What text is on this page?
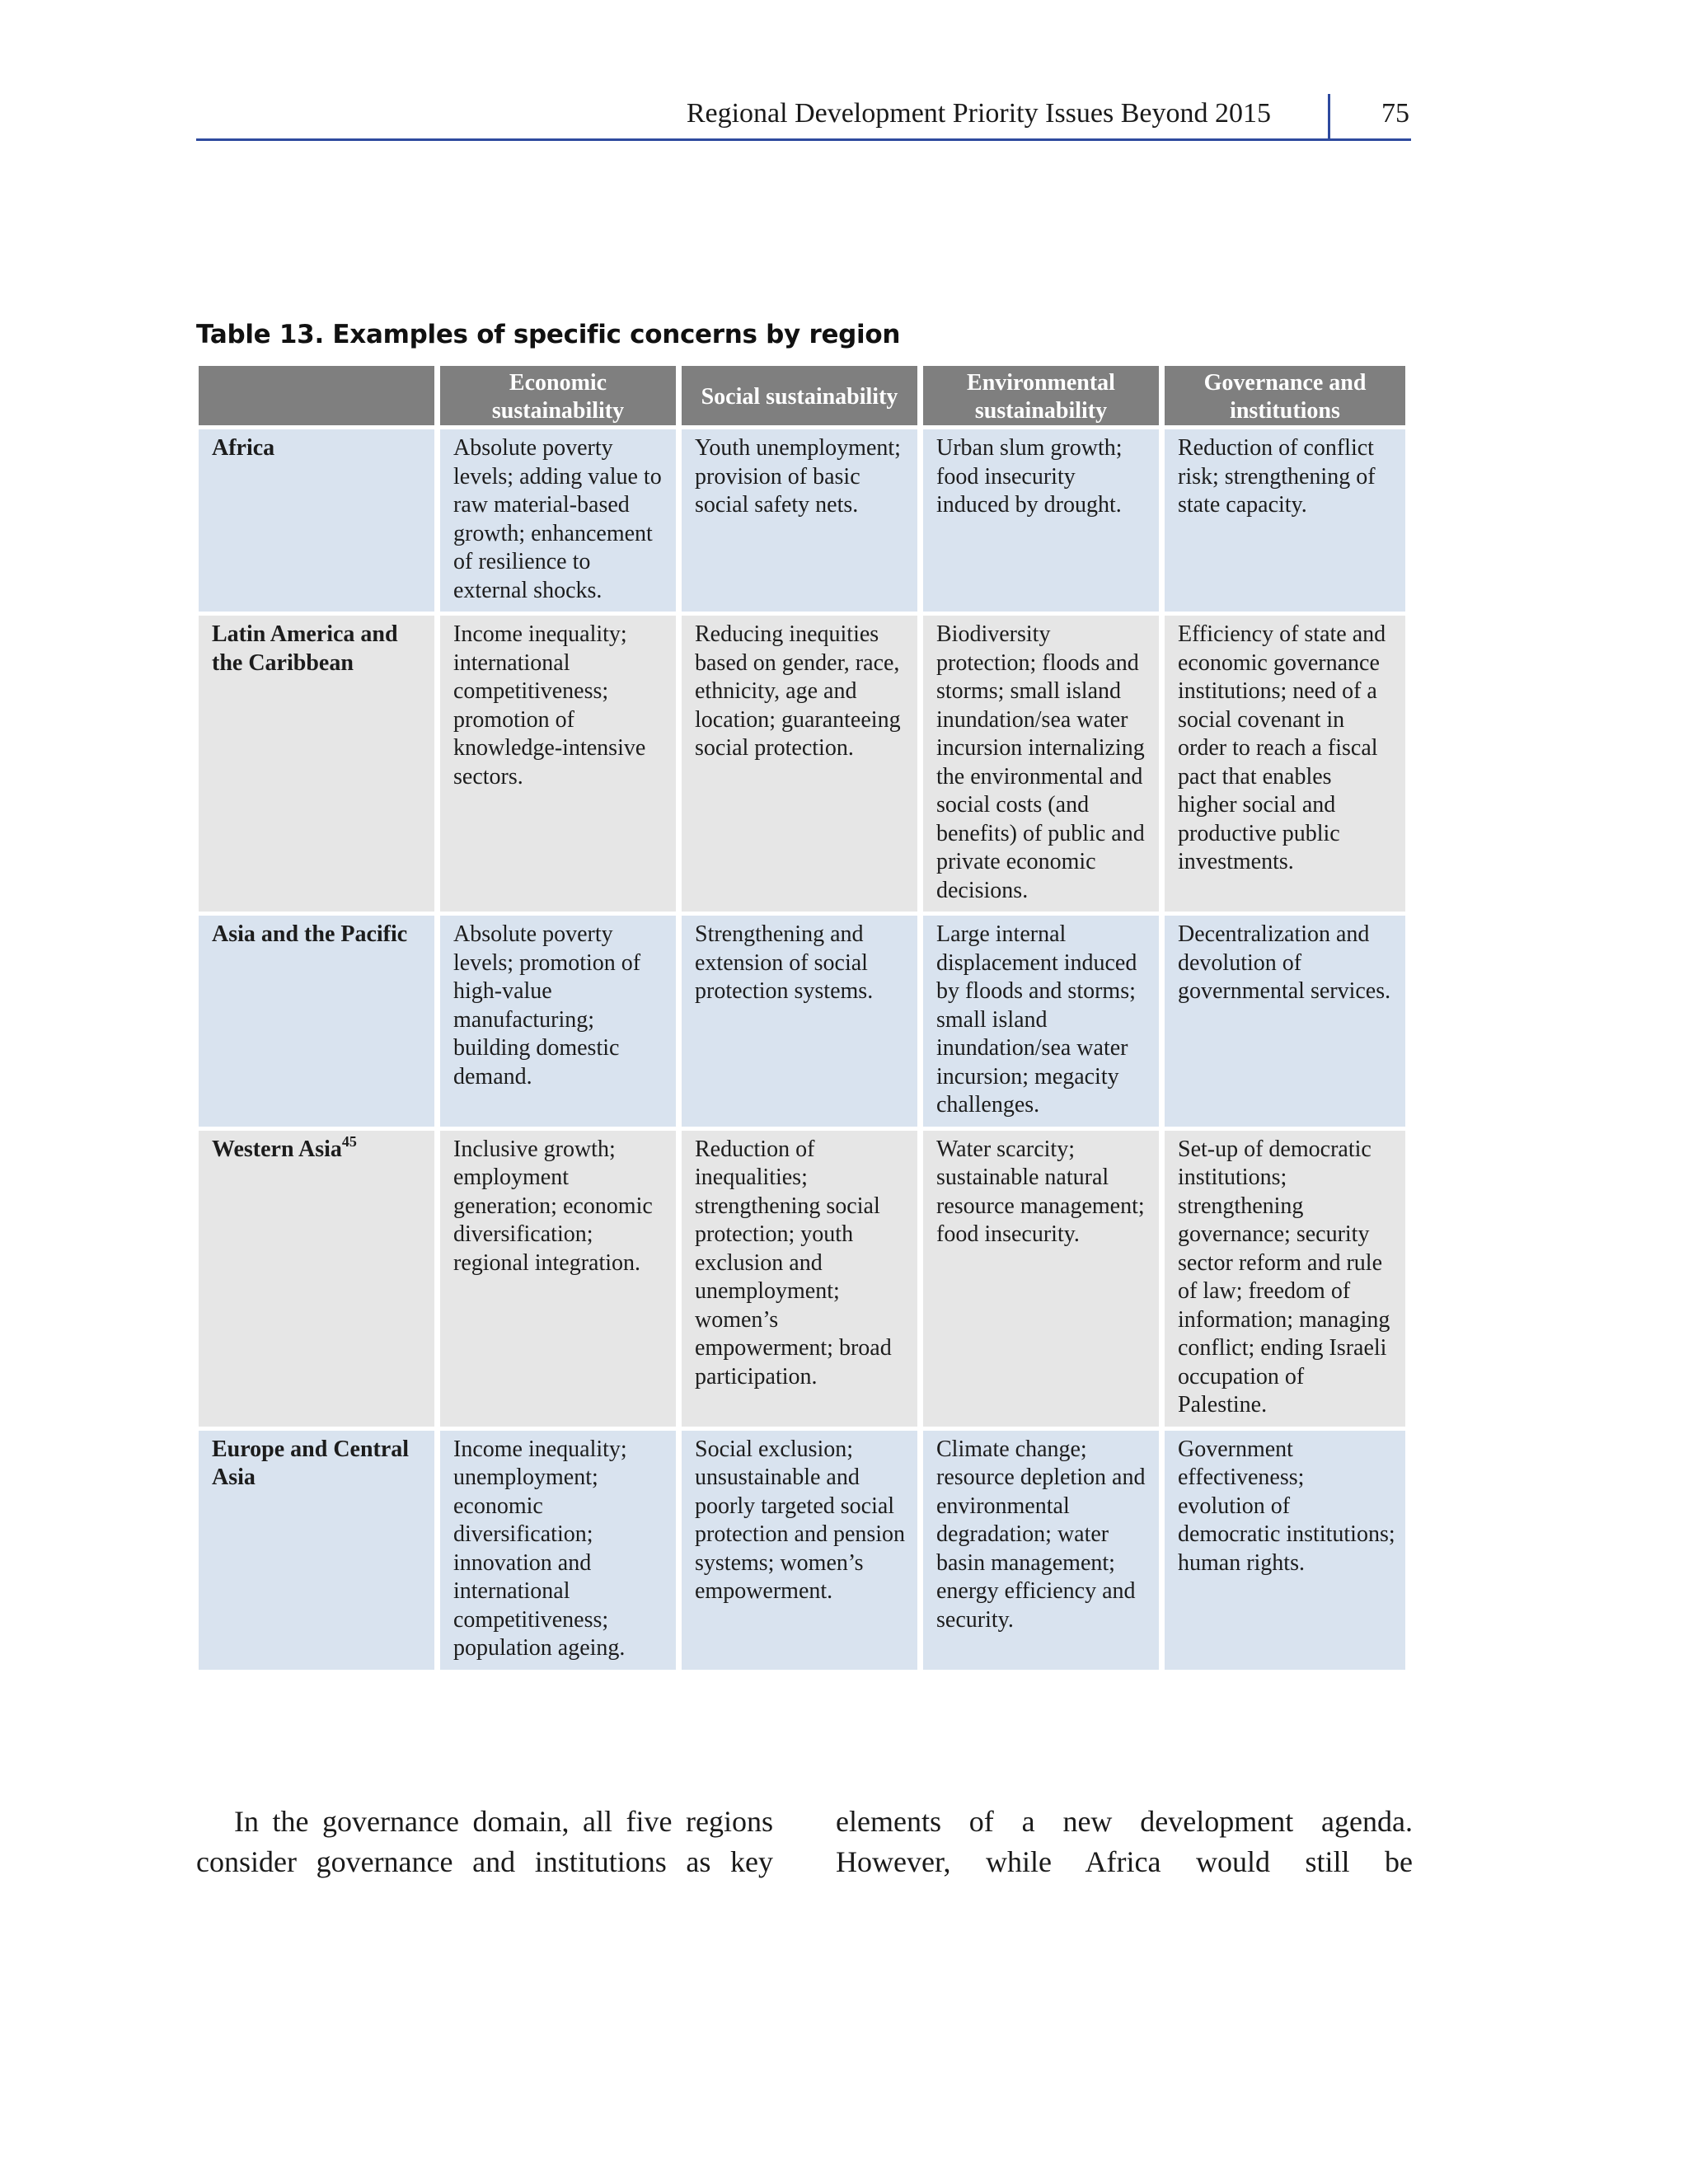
Regional Development Priority Issues Beyond 2015	75
Table 13. Examples of specific concerns by region
	Economic sustainability	Social sustainability	Environmental sustainability	Governance and institutions
Africa	Absolute poverty levels; adding value to raw material-based growth; enhancement of resilience to external shocks.	Youth unemployment; provision of basic social safety nets.	Urban slum growth; food insecurity induced by drought.	Reduction of conflict risk; strengthening of state capacity.
Latin America and the Caribbean	Income inequality; international competitiveness; promotion of knowledge-intensive sectors.	Reducing inequities based on gender, race, ethnicity, age and location; guaranteeing social protection.	Biodiversity protection; floods and storms; small island inundation/sea water incursion internalizing the environmental and social costs (and benefits) of public and private economic decisions.	Efficiency of state and economic governance institutions; need of a social covenant in order to reach a fiscal pact that enables higher social and productive public investments.
Asia and the Pacific	Absolute poverty levels; promotion of high-value manufacturing; building domestic demand.	Strengthening and extension of social protection systems.	Large internal displacement induced by floods and storms; small island inundation/sea water incursion; megacity challenges.	Decentralization and devolution of governmental services.
Western Asia$^{45}$	Inclusive growth; employment generation; economic diversification; regional integration.	Reduction of inequalities; strengthening social protection; youth exclusion and unemployment; women’s empowerment; broad participation.	Water scarcity; sustainable natural resource management; food insecurity.	Set-up of democratic institutions; strengthening governance; security sector reform and rule of law; freedom of information; managing conflict; ending Israeli occupation of Palestine.
Europe and Central Asia	Income inequality; unemployment; economic diversification; innovation and international competitiveness; population ageing.	Social exclusion; unsustainable and poorly targeted social protection and pension systems; women’s empowerment.	Climate change; resource depletion and environmental degradation; water basin management; energy efficiency and security.	Government effectiveness; evolution of democratic institutions; human rights.

In the governance domain, all five regions consider governance and institutions as key

elements of a new development agenda. However, while Africa would still be
